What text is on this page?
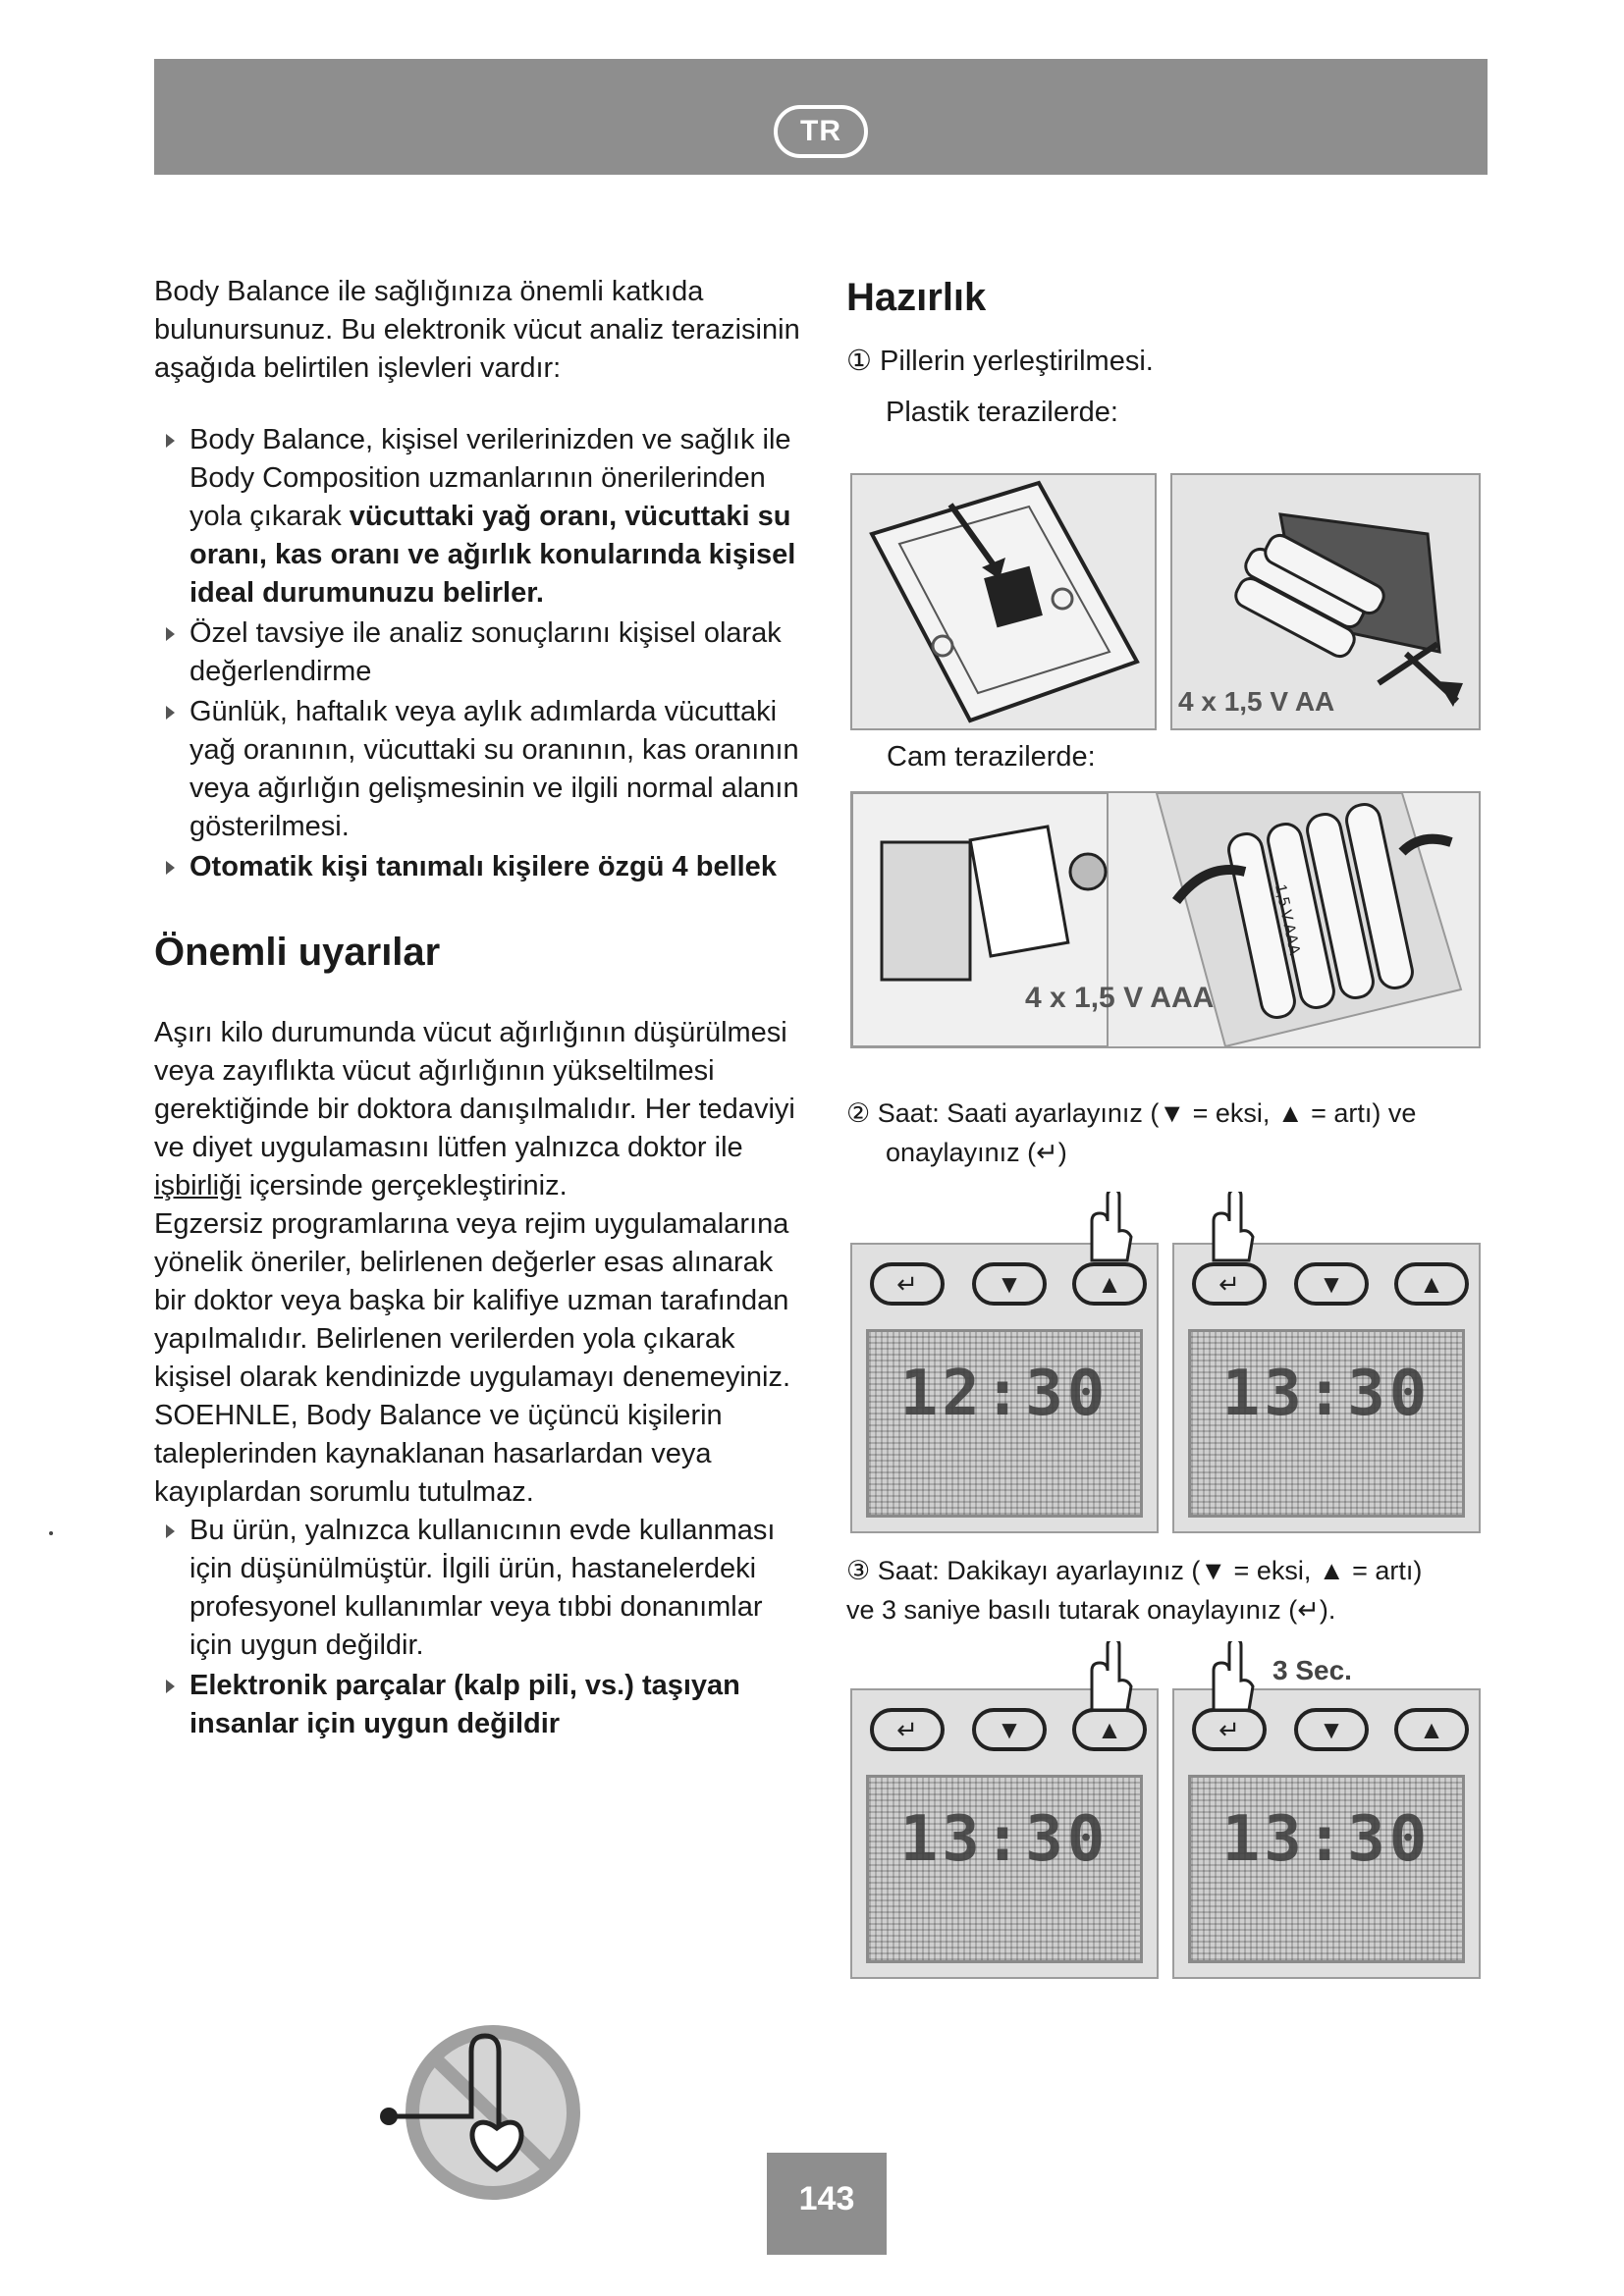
TR

Body Balance ile sağlığınıza önemli katkıda bulunursunuz. Bu elektronik vücut analiz terazisinin aşağıda belirtilen işlevleri vardır:

Body Balance, kişisel verilerinizden ve sağlık ile Body Composition uzmanlarının önerilerinden yola çıkarak vücuttaki yağ oranı, vücuttaki su oranı, kas oranı ve ağırlık konularında kişisel ideal durumunuzu belirler.
Özel tavsiye ile analiz sonuçlarını kişisel olarak değerlendirme
Günlük, haftalık veya aylık adımlarda vücuttaki yağ oranının, vücuttaki su oranının, kas oranının veya ağırlığın gelişmesinin ve ilgili normal alanın gösterilmesi.
Otomatik kişi tanımalı kişilere özgü 4 bellek
Önemli uyarılar

Aşırı kilo durumunda vücut ağırlığının düşürülmesi veya zayıflıkta vücut ağırlığının yükseltilmesi gerektiğinde bir doktora danışılmalıdır. Her tedaviyi ve diyet uygulamasını lütfen yalnızca doktor ile işbirliği içersinde gerçekleştiriniz.

Egzersiz programlarına veya rejim uygulamalarına yönelik öneriler, belirlenen değerler esas alınarak bir doktor veya başka bir kalifiye uzman tarafından yapılmalıdır. Belirlenen verilerden yola çıkarak kişisel olarak kendinizde uygulamayı denemeyiniz.

SOEHNLE, Body Balance ve üçüncü kişilerin taleplerinden kaynaklanan hasarlardan veya kayıplardan sorumlu tutulmaz.

Bu ürün, yalnızca kullanıcının evde kullanması için düşünülmüştür. İlgili ürün, hastanelerdeki profesyonel kullanımlar veya tıbbi donanımlar için uygun değildir.
Elektronik parçalar (kalp pili, vs.) taşıyan insanlar için uygun değildir
Hazırlık
① Pillerin yerleştirilmesi.
Plastik terazilerde:
4 x 1,5 V AA
Cam terazilerde:
1,5 V AAA
4 x 1,5 V AAA
② Saat: Saati ayarlayınız (▼ = eksi, ▲ = artı) ve
onaylayınız (↵)
↵	▼	▲
12:30
↵	▼	▲
13:30
③ Saat: Dakikayı ayarlayınız (▼ = eksi, ▲ = artı)
ve 3 saniye basılı tutarak onaylayınız (↵).
3 Sec.
↵	▼	▲
13:30
↵	▼	▲
13:30
143
